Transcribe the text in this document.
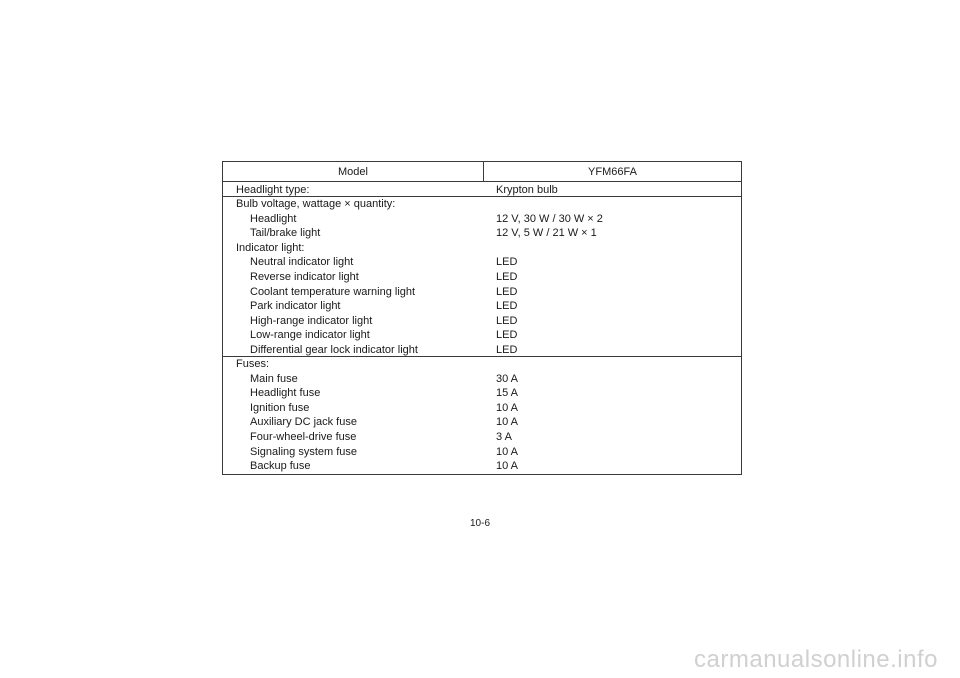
Model	YFM66FA
Headlight type:	Krypton bulb
Bulb voltage, wattage × quantity:
Headlight	12 V, 30 W / 30 W × 2
Tail/brake light	12 V, 5 W / 21 W × 1
Indicator light:
Neutral indicator light	LED
Reverse indicator light	LED
Coolant temperature warning light	LED
Park indicator light	LED
High-range indicator light	LED
Low-range indicator light	LED
Differential gear lock indicator light	LED
Fuses:
Main fuse	30 A
Headlight fuse	15 A
Ignition fuse	10 A
Auxiliary DC jack fuse	10 A
Four-wheel-drive fuse	3 A
Signaling system fuse	10 A
Backup fuse	10 A
10-6
carmanualsonline.info
